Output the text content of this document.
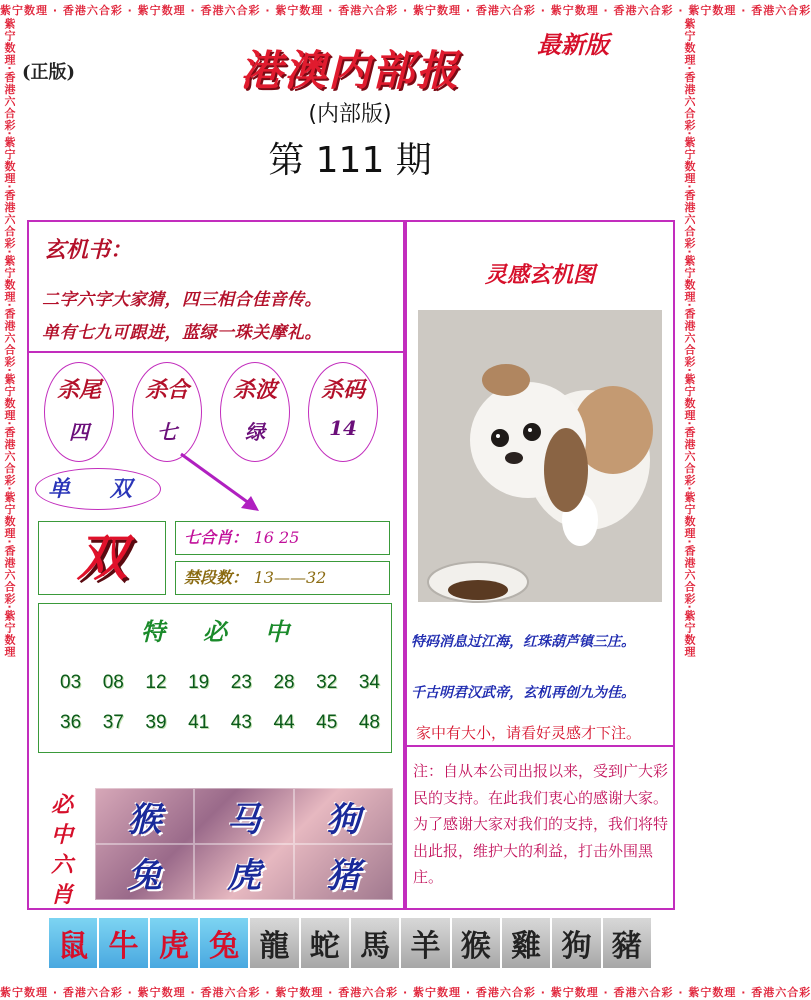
紫宁数理 · 香港六合彩 · 紫宁数理 · 香港六合彩 · 紫宁数理 · 香港六合彩 · 紫宁数理 · 香港六合彩 · 紫宁数理 · 香港六合彩 · 紫宁数理 · 香港六合彩
紫宁数理 · 香港六合彩 · 紫宁数理 · 香港六合彩 · 紫宁数理 · 香港六合彩 · 紫宁数理 · 香港六合彩 · 紫宁数理 · 香港六合彩 · 紫宁数理 · 香港六合彩
紫宁数理·香港六合彩·紫宁数理·香港六合彩·紫宁数理·香港六合彩·紫宁数理·香港六合彩·紫宁数理·香港六合彩·紫宁数理	紫宁数理·香港六合彩·紫宁数理·香港六合彩·紫宁数理·香港六合彩·紫宁数理·香港六合彩·紫宁数理·香港六合彩·紫宁数理
(正版)
最新版
港澳内部报
(内部版)
第 111 期
玄机书：
二字六字大家猜，四三相合佳音传。
单有七九可跟进，蓝绿一珠关摩礼。
杀尾
四
杀合
七
杀波
绿
杀码
14
单 双
双	七合肖： 16 25
禁段数： 13——32
特必中
03 08 12 19 23 28 32 34
36 37 39 41 43 44 45 48
必中六肖
猴	马	狗
兔	虎	猪
灵感玄机图
特码消息过江海，红珠葫芦镇三庄。
千古明君汉武帝，玄机再创九为佳。
家中有大小，请看好灵感才下注。
注：自从本公司出报以来，受到广大彩民的支持。在此我们衷心的感谢大家。为了感谢大家对我们的支持，我们将特出此报，维护大的利益，打击外围黑庄。
鼠 牛 虎 兔 龍 蛇 馬 羊 猴 雞 狗 豬
